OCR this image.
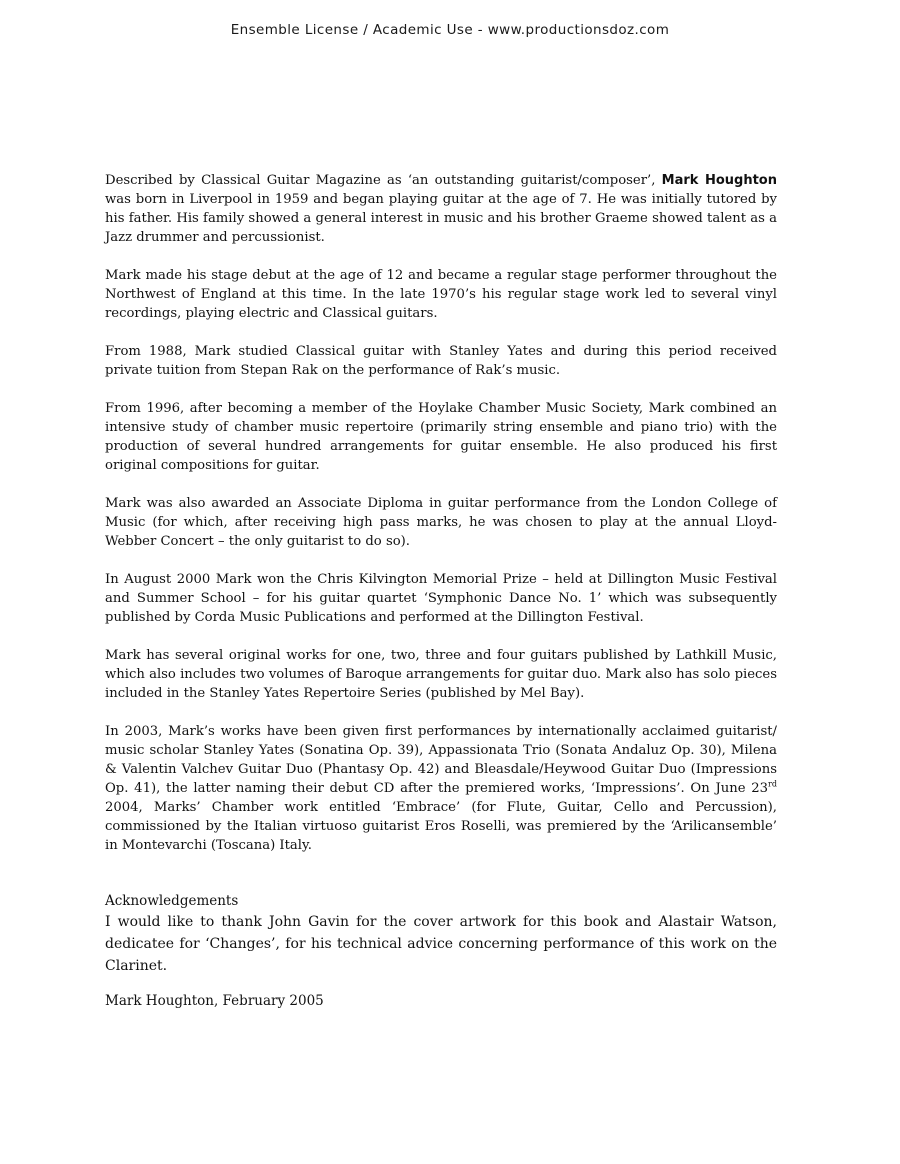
Ensemble License / Academic Use - www.productionsdoz.com

Described by Classical Guitar Magazine as ‘an outstanding guitarist/composer’, Mark Houghton was born in Liverpool in 1959 and began playing guitar at the age of 7. He was initially tutored by his father. His family showed a general interest in music and his brother Graeme showed talent as a Jazz drummer and percussionist.

Mark made his stage debut at the age of 12 and became a regular stage performer throughout the Northwest of England at this time. In the late 1970’s his regular stage work led to several vinyl recordings, playing electric and Classical guitars.

From 1988, Mark studied Classical guitar with Stanley Yates and during this period received private tuition from Stepan Rak on the performance of Rak’s music.

From 1996, after becoming a member of the Hoylake Chamber Music Society, Mark combined an intensive study of chamber music repertoire (primarily string ensemble and piano trio) with the production of several hundred arrangements for guitar ensemble. He also produced his first original compositions for guitar.

Mark was also awarded an Associate Diploma in guitar performance from the London College of Music (for which, after receiving high pass marks, he was chosen to play at the annual Lloyd-Webber Concert – the only guitarist to do so).

In August 2000 Mark won the Chris Kilvington Memorial Prize – held at Dillington Music Festival and Summer School – for his guitar quartet ‘Symphonic Dance No. 1’ which was subsequently published by Corda Music Publications and performed at the Dillington Festival.

Mark has several original works for one, two, three and four guitars published by Lathkill Music, which also includes two volumes of Baroque arrangements for guitar duo. Mark also has solo pieces included in the Stanley Yates Repertoire Series (published by Mel Bay).

In 2003, Mark’s works have been given first performances by internationally acclaimed guitarist/ music scholar Stanley Yates (Sonatina Op. 39), Appassionata Trio (Sonata Andaluz Op. 30), Milena & Valentin Valchev Guitar Duo (Phantasy Op. 42) and Bleasdale/Heywood Guitar Duo (Impressions Op. 41), the latter naming their debut CD after the premiered works, ‘Impressions’. On June 23rd 2004, Marks’ Chamber work entitled ‘Embrace’ (for Flute, Guitar, Cello and Percussion), commissioned by the Italian virtuoso guitarist Eros Roselli, was premiered by the ‘Arilicansemble’ in Montevarchi (Toscana) Italy.

Acknowledgements

I would like to thank John Gavin for the cover artwork for this book and Alastair Watson, dedicatee for ‘Changes’, for his technical advice concerning performance of this work on the Clarinet.

Mark Houghton, February 2005
